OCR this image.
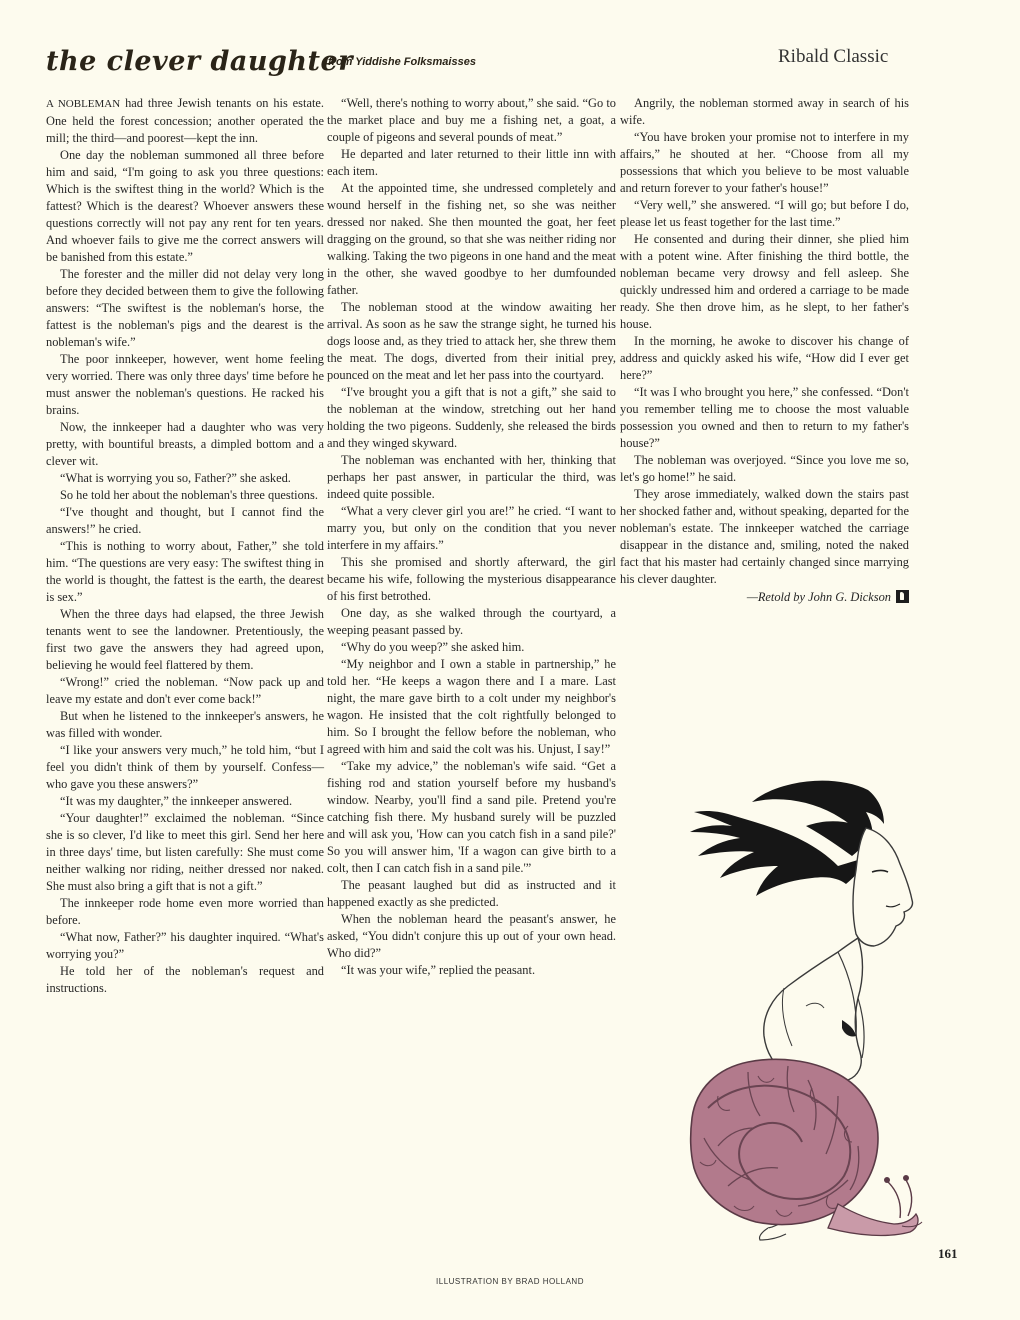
the clever daughter
from Yiddishe Folksmaisses	Ribald Classic

A NOBLEMAN had three Jewish tenants on his estate. One held the forest concession; another operated the mill; the third—and poorest—kept the inn.

One day the nobleman summoned all three before him and said, “I'm going to ask you three questions: Which is the swiftest thing in the world? Which is the fattest? Which is the dearest? Whoever answers these questions correctly will not pay any rent for ten years. And whoever fails to give me the correct answers will be banished from this estate.”

The forester and the miller did not delay very long before they decided between them to give the following answers: “The swiftest is the nobleman's horse, the fattest is the nobleman's pigs and the dearest is the nobleman's wife.”

The poor innkeeper, however, went home feeling very worried. There was only three days' time before he must answer the nobleman's questions. He racked his brains.

Now, the innkeeper had a daughter who was very pretty, with bountiful breasts, a dimpled bottom and a clever wit.

“What is worrying you so, Father?” she asked.

So he told her about the nobleman's three questions.

“I've thought and thought, but I cannot find the answers!” he cried.

“This is nothing to worry about, Father,” she told him. “The questions are very easy: The swiftest thing in the world is thought, the fattest is the earth, the dearest is sex.”

When the three days had elapsed, the three Jewish tenants went to see the landowner. Pretentiously, the first two gave the answers they had agreed upon, believing he would feel flattered by them.

“Wrong!” cried the nobleman. “Now pack up and leave my estate and don't ever come back!”

But when he listened to the innkeeper's answers, he was filled with wonder.

“I like your answers very much,” he told him, “but I feel you didn't think of them by yourself. Confess—who gave you these answers?”

“It was my daughter,” the innkeeper answered.

“Your daughter!” exclaimed the nobleman. “Since she is so clever, I'd like to meet this girl. Send her here in three days' time, but listen carefully: She must come neither walking nor riding, neither dressed nor naked. She must also bring a gift that is not a gift.”

The innkeeper rode home even more worried than before.

“What now, Father?” his daughter inquired. “What's worrying you?”

He told her of the nobleman's request and instructions.

“Well, there's nothing to worry about,” she said. “Go to the market place and buy me a fishing net, a goat, a couple of pigeons and several pounds of meat.”

He departed and later returned to their little inn with each item.

At the appointed time, she undressed completely and wound herself in the fishing net, so she was neither dressed nor naked. She then mounted the goat, her feet dragging on the ground, so that she was neither riding nor walking. Taking the two pigeons in one hand and the meat in the other, she waved goodbye to her dumfounded father.

The nobleman stood at the window awaiting her arrival. As soon as he saw the strange sight, he turned his dogs loose and, as they tried to attack her, she threw them the meat. The dogs, diverted from their initial prey, pounced on the meat and let her pass into the courtyard.

“I've brought you a gift that is not a gift,” she said to the nobleman at the window, stretching out her hand holding the two pigeons. Suddenly, she released the birds and they winged skyward.

The nobleman was enchanted with her, thinking that perhaps her past answer, in particular the third, was indeed quite possible.

“What a very clever girl you are!” he cried. “I want to marry you, but only on the condition that you never interfere in my affairs.”

This she promised and shortly afterward, the girl became his wife, following the mysterious disappearance of his first betrothed.

One day, as she walked through the courtyard, a weeping peasant passed by.

“Why do you weep?” she asked him.

“My neighbor and I own a stable in partnership,” he told her. “He keeps a wagon there and I a mare. Last night, the mare gave birth to a colt under my neighbor's wagon. He insisted that the colt rightfully belonged to him. So I brought the fellow before the nobleman, who agreed with him and said the colt was his. Unjust, I say!”

“Take my advice,” the nobleman's wife said. “Get a fishing rod and station yourself before my husband's window. Nearby, you'll find a sand pile. Pretend you're catching fish there. My husband surely will be puzzled and will ask you, 'How can you catch fish in a sand pile?' So you will answer him, 'If a wagon can give birth to a colt, then I can catch fish in a sand pile.'”

The peasant laughed but did as instructed and it happened exactly as she predicted.

When the nobleman heard the peasant's answer, he asked, “You didn't conjure this up out of your own head. Who did?”

“It was your wife,” replied the peasant.

Angrily, the nobleman stormed away in search of his wife.

“You have broken your promise not to interfere in my affairs,” he shouted at her. “Choose from all my possessions that which you believe to be most valuable and return forever to your father's house!”

“Very well,” she answered. “I will go; but before I do, please let us feast together for the last time.”

He consented and during their dinner, she plied him with a potent wine. After finishing the third bottle, the nobleman became very drowsy and fell asleep. She quickly undressed him and ordered a carriage to be made ready. She then drove him, as he slept, to her father's house.

In the morning, he awoke to discover his change of address and quickly asked his wife, “How did I ever get here?”

“It was I who brought you here,” she confessed. “Don't you remember telling me to choose the most valuable possession you owned and then to return to my father's house?”

The nobleman was overjoyed. “Since you love me so, let's go home!” he said.

They arose immediately, walked down the stairs past her shocked father and, without speaking, departed for the nobleman's estate. The innkeeper watched the carriage disappear in the distance and, smiling, noted the naked fact that his master had certainly changed since marrying his clever daughter.

—Retold by John G. Dickson

161
ILLUSTRATION BY BRAD HOLLAND
